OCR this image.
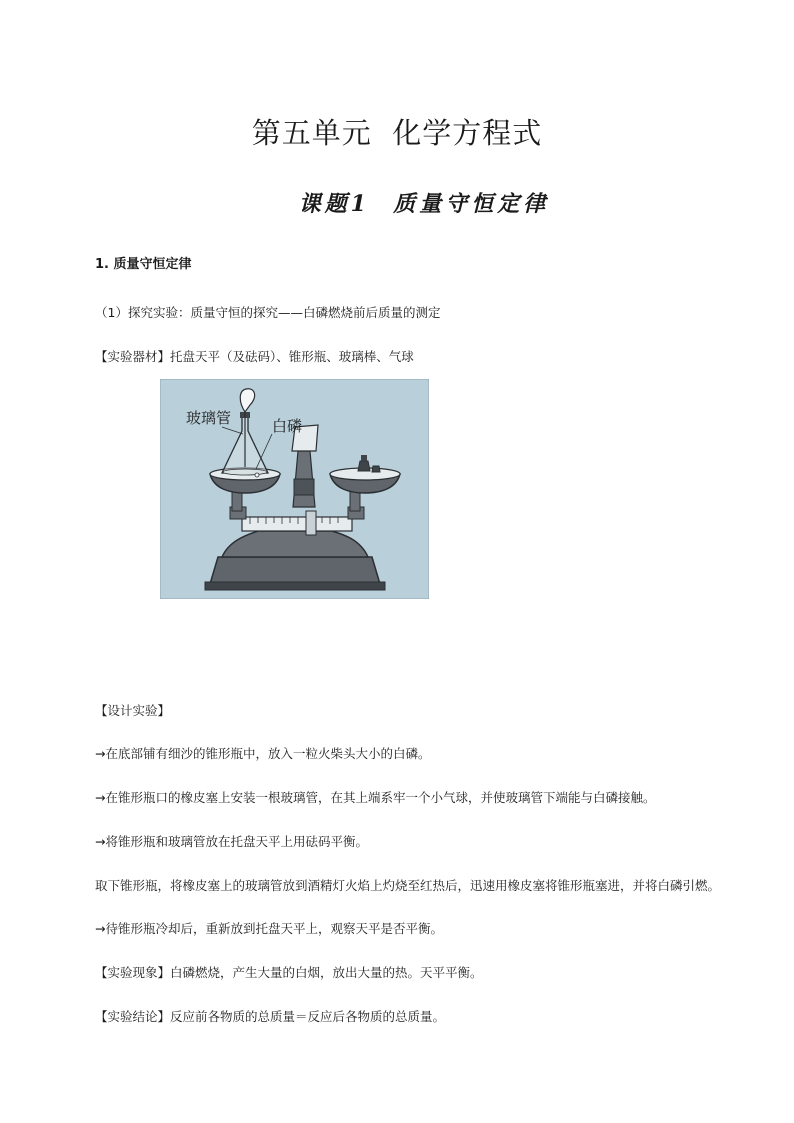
第五单元  化学方程式
课题1  质量守恒定律
1. 质量守恒定律
（1）探究实验：质量守恒的探究——白磷燃烧前后质量的测定
【实验器材】托盘天平（及砝码）、锥形瓶、玻璃棒、气球
玻璃管	白磷
【设计实验】
→在底部铺有细沙的锥形瓶中，放入一粒火柴头大小的白磷。
→在锥形瓶口的橡皮塞上安装一根玻璃管，在其上端系牢一个小气球，并使玻璃管下端能与白磷接触。
→将锥形瓶和玻璃管放在托盘天平上用砝码平衡。
取下锥形瓶，将橡皮塞上的玻璃管放到酒精灯火焰上灼烧至红热后，迅速用橡皮塞将锥形瓶塞进，并将白磷引燃。
→待锥形瓶冷却后，重新放到托盘天平上，观察天平是否平衡。
【实验现象】白磷燃烧，产生大量的白烟，放出大量的热。天平平衡。
【实验结论】反应前各物质的总质量＝反应后各物质的总质量。
